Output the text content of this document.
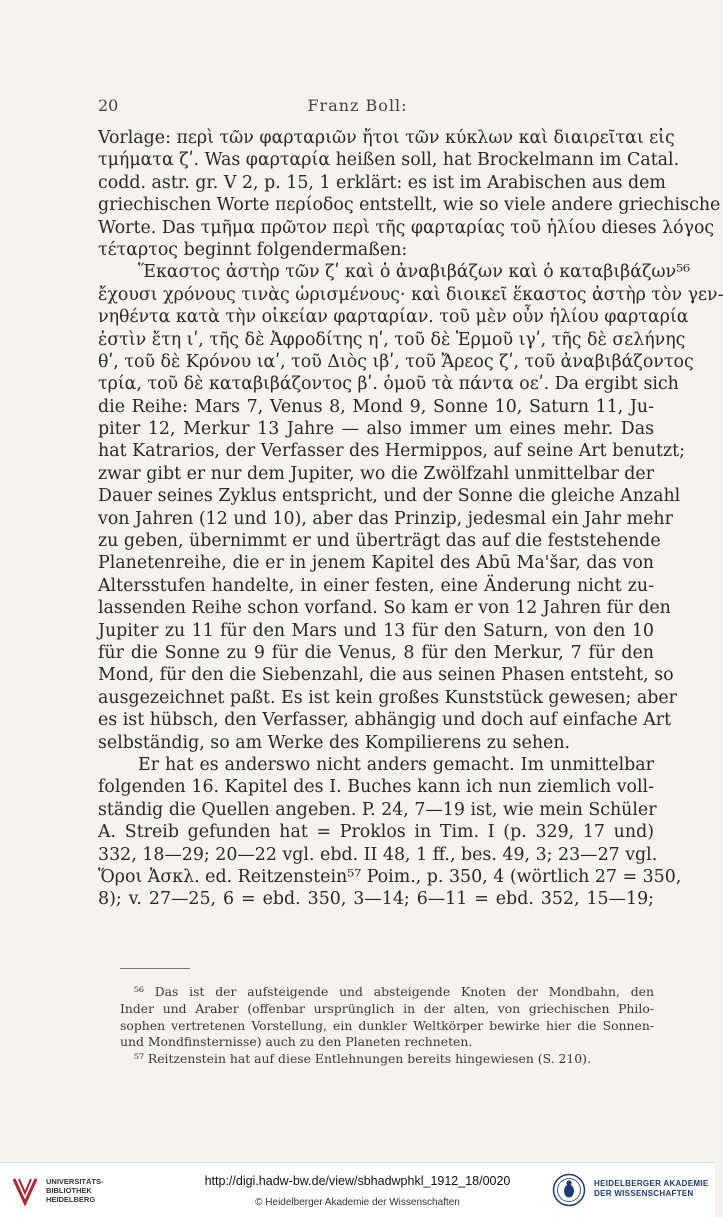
20	Franz Boll:
Vorlage: περὶ τῶν φαρταριῶν ἤτοι τῶν κύκλων καὶ διαιρεῖται εἰς
τμήματα ζʹ. Was φαρταρία heißen soll, hat Brockelmann im Catal.
codd. astr. gr. V 2, p. 15, 1 erklärt: es ist im Arabischen aus dem
griechischen Worte περίοδος entstellt, wie so viele andere griechische
Worte. Das τμῆμα πρῶτον περὶ τῆς φαρταρίας τοῦ ἡλίου dieses λόγος
τέταρτος beginnt folgendermaßen:
Ἕκαστος ἀστὴρ τῶν ζʹ καὶ ὁ ἀναβιβάζων καὶ ὁ καταβιβάζων⁵⁶
ἔχουσι χρόνους τινὰς ὡρισμένους· καὶ διοικεῖ ἕκαστος ἀστὴρ τὸν γεν-
νηθέντα κατὰ τὴν οἰκείαν φαρταρίαν. τοῦ μὲν οὖν ἡλίου φαρταρία
ἐστὶν ἔτη ιʹ, τῆς δὲ Ἀφροδίτης ηʹ, τοῦ δὲ Ἑρμοῦ ιγʹ, τῆς δὲ σελήνης
θʹ, τοῦ δὲ Κρόνου ιαʹ, τοῦ Διὸς ιβʹ, τοῦ Ἄρεος ζʹ, τοῦ ἀναβιβάζοντος
τρία, τοῦ δὲ καταβιβάζοντος βʹ. ὁμοῦ τὰ πάντα οεʹ. Da ergibt sich
die Reihe: Mars 7, Venus 8, Mond 9, Sonne 10, Saturn 11, Ju-
piter 12, Merkur 13 Jahre — also immer um eines mehr. Das
hat Katrarios, der Verfasser des Hermippos, auf seine Art benutzt;
zwar gibt er nur dem Jupiter, wo die Zwölfzahl unmittelbar der
Dauer seines Zyklus entspricht, und der Sonne die gleiche Anzahl
von Jahren (12 und 10), aber das Prinzip, jedesmal ein Jahr mehr
zu geben, übernimmt er und überträgt das auf die feststehende
Planetenreihe, die er in jenem Kapitel des Abū Ma'šar, das von
Altersstufen handelte, in einer festen, eine Änderung nicht zu-
lassenden Reihe schon vorfand. So kam er von 12 Jahren für den
Jupiter zu 11 für den Mars und 13 für den Saturn, von den 10
für die Sonne zu 9 für die Venus, 8 für den Merkur, 7 für den
Mond, für den die Siebenzahl, die aus seinen Phasen entsteht, so
ausgezeichnet paßt. Es ist kein großes Kunststück gewesen; aber
es ist hübsch, den Verfasser, abhängig und doch auf einfache Art
selbständig, so am Werke des Kompilierens zu sehen.
Er hat es anderswo nicht anders gemacht. Im unmittelbar
folgenden 16. Kapitel des I. Buches kann ich nun ziemlich voll-
ständig die Quellen angeben. P. 24, 7—19 ist, wie mein Schüler
A. Streib gefunden hat = Proklos in Tim. I (p. 329, 17 und)
332, 18—29; 20—22 vgl. ebd. II 48, 1 ff., bes. 49, 3; 23—27 vgl.
Ὅροι Ἀσκλ. ed. Reitzenstein⁵⁷ Poim., p. 350, 4 (wörtlich 27 = 350,
8); v. 27—25, 6 = ebd. 350, 3—14; 6—11 = ebd. 352, 15—19;
⁵⁶ Das ist der aufsteigende und absteigende Knoten der Mondbahn, den
Inder und Araber (offenbar ursprünglich in der alten, von griechischen Philo-
sophen vertretenen Vorstellung, ein dunkler Weltkörper bewirke hier die Sonnen-
und Mondfinsternisse) auch zu den Planeten rechneten.
⁵⁷ Reitzenstein hat auf diese Entlehnungen bereits hingewiesen (S. 210).
UNIVERSITÄTS-
BIBLIOTHEK
HEIDELBERG
http://digi.hadw-bw.de/view/sbhadwphkl_1912_18/0020
© Heidelberger Akademie der Wissenschaften
HEIDELBERGER AKADEMIE
DER WISSENSCHAFTEN
